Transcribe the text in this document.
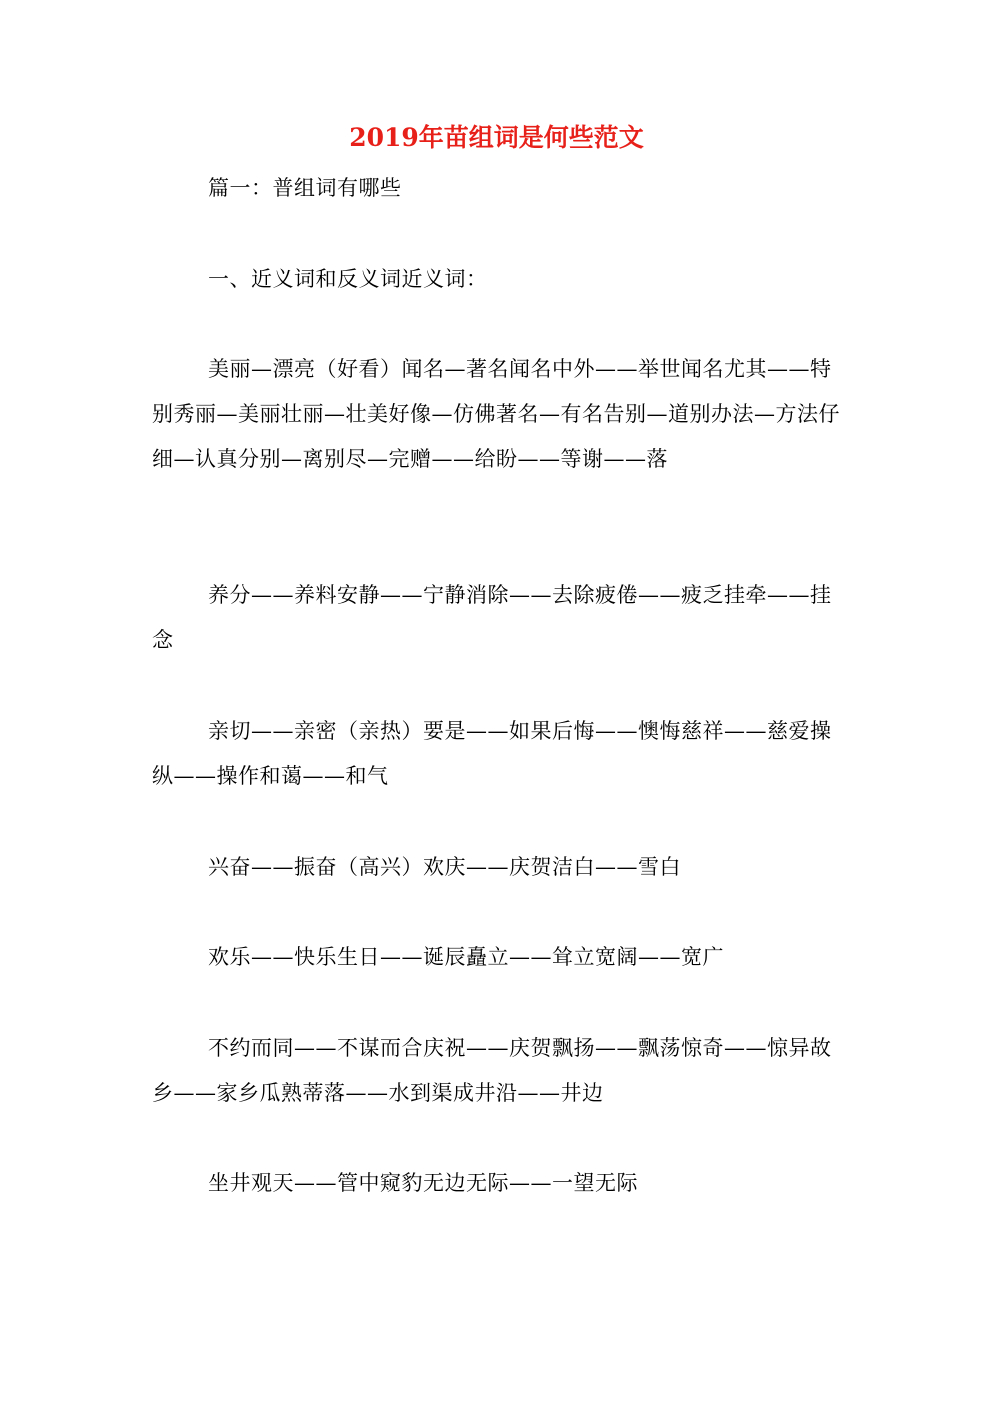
2019年苗组词是何些范文
篇一：普组词有哪些
一、近义词和反义词近义词：
美丽—漂亮（好看）闻名—著名闻名中外——举世闻名尤其——特别秀丽—美丽壮丽—壮美好像—仿佛著名—有名告别—道别办法—方法仔细—认真分别—离别尽—完赠——给盼——等谢——落
养分——养料安静——宁静消除——去除疲倦——疲乏挂牵——挂念
亲切——亲密（亲热）要是——如果后悔——懊悔慈祥——慈爱操纵——操作和蔼——和气
兴奋——振奋（高兴）欢庆——庆贺洁白——雪白
欢乐——快乐生日——诞辰矗立——耸立宽阔——宽广
不约而同——不谋而合庆祝——庆贺飘扬——飘荡惊奇——惊异故乡——家乡瓜熟蒂落——水到渠成井沿——井边
坐井观天——管中窥豹无边无际——一望无际
